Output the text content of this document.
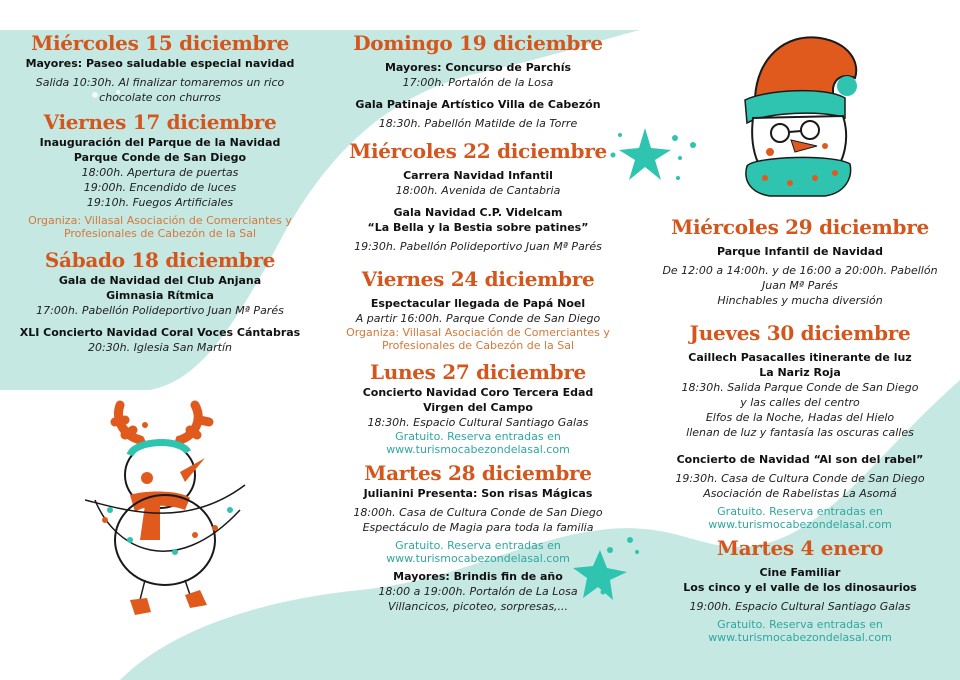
Miércoles 15 diciembre

Mayores: Paseo saludable especial navidad

Salida 10:30h. Al finalizar tomaremos un rico

chocolate con churros

Viernes 17 diciembre

Inauguración del Parque de la Navidad

Parque Conde de San Diego

18:00h. Apertura de puertas

19:00h. Encendido de luces

19:10h. Fuegos Artificiales

Organiza: Villasal Asociación de Comerciantes y

Profesionales de Cabezón de la Sal

Sábado 18 diciembre

Gala de Navidad del Club Anjana

Gimnasia Rítmica

17:00h. Pabellón Polideportivo Juan Mª Parés

XLI Concierto Navidad Coral Voces Cántabras

20:30h. Iglesia San Martín

Domingo 19 diciembre

Mayores: Concurso de Parchís

17:00h. Portalón de la Losa

Gala Patinaje Artístico Villa de Cabezón

18:30h. Pabellón Matilde de la Torre

Miércoles 22 diciembre

Carrera Navidad Infantil

18:00h. Avenida de Cantabria

Gala Navidad C.P. Videlcam

“La Bella y la Bestia sobre patines”

19:30h. Pabellón Polideportivo Juan Mª Parés

Viernes 24 diciembre

Espectacular llegada de Papá Noel

A partir 16:00h. Parque Conde de San Diego

Organiza: Villasal Asociación de Comerciantes y

Profesionales de Cabezón de la Sal

Lunes 27 diciembre

Concierto Navidad Coro Tercera Edad

Virgen del Campo

18:30h. Espacio Cultural Santiago Galas

Gratuito. Reserva entradas en

www.turismocabezondelasal.com

Martes 28 diciembre

Julianini Presenta: Son risas Mágicas

18:00h. Casa de Cultura Conde de San Diego

Espectáculo de Magia para toda la familia

Gratuito. Reserva entradas en

www.turismocabezondelasal.com

Mayores: Brindis fin de año

18:00 a 19:00h. Portalón de La Losa

Villancicos, picoteo, sorpresas,...

Miércoles 29 diciembre

Parque Infantil de Navidad

De 12:00 a 14:00h. y de 16:00 a 20:00h. Pabellón

Juan Mª Parés

Hinchables y mucha diversión

Jueves 30 diciembre

Caillech Pasacalles itinerante de luz

La Nariz Roja

18:30h. Salida Parque Conde de San Diego

y las calles del centro

Elfos de la Noche, Hadas del Hielo

llenan de luz y fantasía las oscuras calles

Concierto de Navidad “Al son del rabel”

19:30h. Casa de Cultura Conde de San Diego

Asociación de Rabelistas La Asomá

Gratuito. Reserva entradas en

www.turismocabezondelasal.com

Martes 4 enero

Cine Familiar

Los cinco y el valle de los dinosaurios

19:00h. Espacio Cultural Santiago Galas

Gratuito. Reserva entradas en

www.turismocabezondelasal.com
